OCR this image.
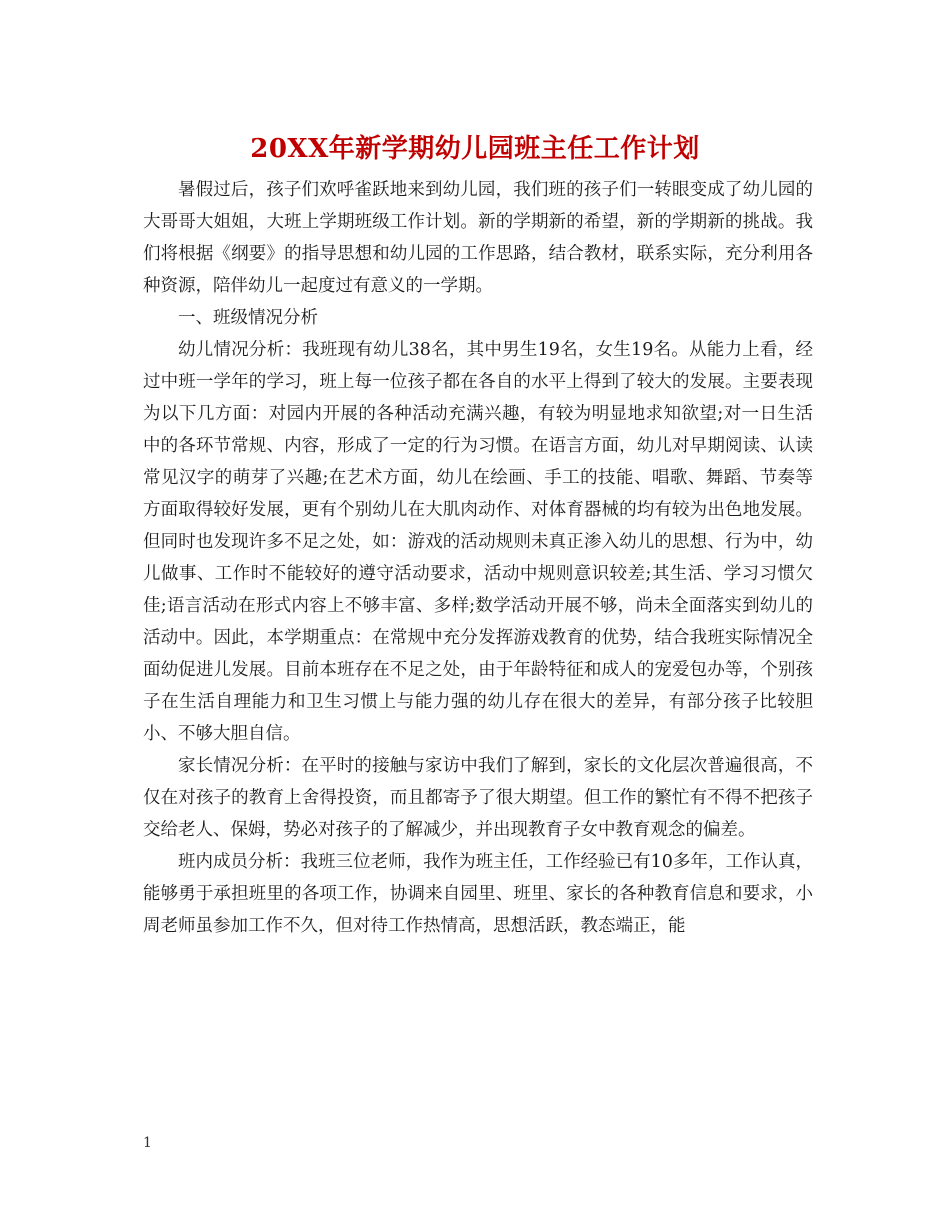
20XX年新学期幼儿园班主任工作计划

暑假过后，孩子们欢呼雀跃地来到幼儿园，我们班的孩子们一转眼变成了幼儿园的大哥哥大姐姐，大班上学期班级工作计划。新的学期新的希望，新的学期新的挑战。我们将根据《纲要》的指导思想和幼儿园的工作思路，结合教材，联系实际，充分利用各种资源，陪伴幼儿一起度过有意义的一学期。

一、班级情况分析

幼儿情况分析：我班现有幼儿38名，其中男生19名，女生19名。从能力上看，经过中班一学年的学习，班上每一位孩子都在各自的水平上得到了较大的发展。主要表现为以下几方面：对园内开展的各种活动充满兴趣，有较为明显地求知欲望;对一日生活中的各环节常规、内容，形成了一定的行为习惯。在语言方面，幼儿对早期阅读、认读常见汉字的萌芽了兴趣;在艺术方面，幼儿在绘画、手工的技能、唱歌、舞蹈、节奏等方面取得较好发展，更有个别幼儿在大肌肉动作、对体育器械的均有较为出色地发展。但同时也发现许多不足之处，如：游戏的活动规则未真正渗入幼儿的思想、行为中，幼儿做事、工作时不能较好的遵守活动要求，活动中规则意识较差;其生活、学习习惯欠佳;语言活动在形式内容上不够丰富、多样;数学活动开展不够，尚未全面落实到幼儿的活动中。因此，本学期重点：在常规中充分发挥游戏教育的优势，结合我班实际情况全面幼促进儿发展。目前本班存在不足之处，由于年龄特征和成人的宠爱包办等，个别孩子在生活自理能力和卫生习惯上与能力强的幼儿存在很大的差异，有部分孩子比较胆小、不够大胆自信。

家长情况分析：在平时的接触与家访中我们了解到，家长的文化层次普遍很高，不仅在对孩子的教育上舍得投资，而且都寄予了很大期望。但工作的繁忙有不得不把孩子交给老人、保姆，势必对孩子的了解减少，并出现教育子女中教育观念的偏差。

班内成员分析：我班三位老师，我作为班主任，工作经验已有10多年，工作认真，能够勇于承担班里的各项工作，协调来自园里、班里、家长的各种教育信息和要求，小周老师虽参加工作不久，但对待工作热情高，思想活跃，教态端正，能

1
